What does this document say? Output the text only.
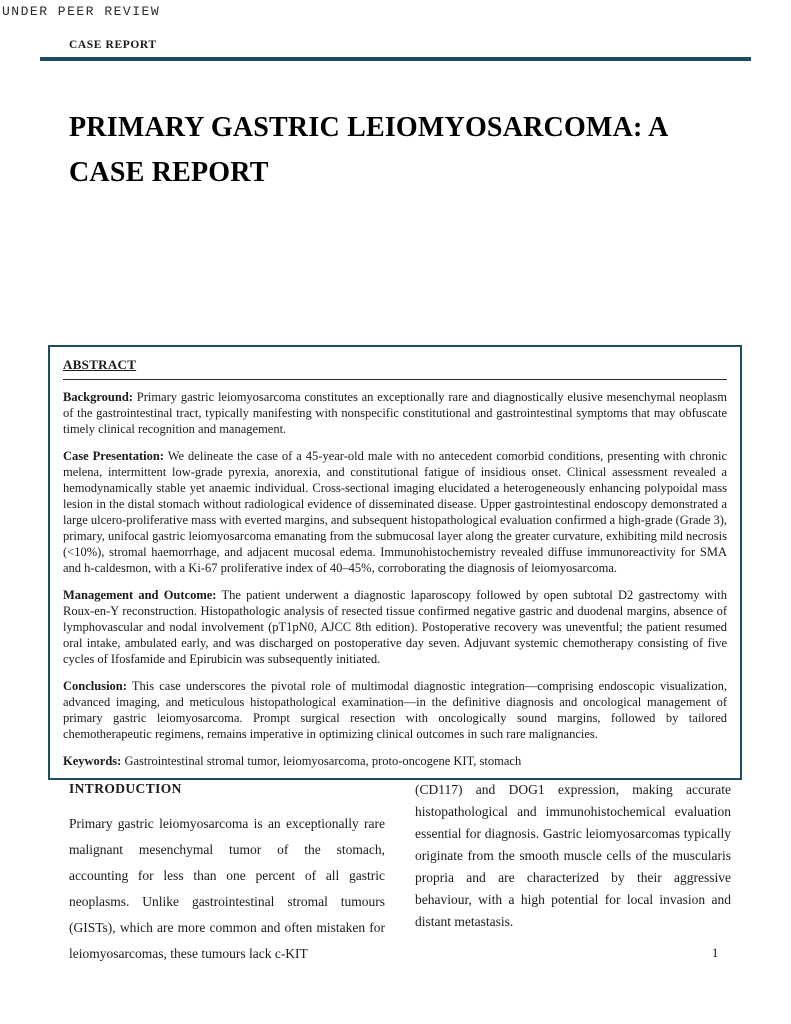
UNDER PEER REVIEW
CASE REPORT
PRIMARY GASTRIC LEIOMYOSARCOMA: A CASE REPORT
ABSTRACT

Background: Primary gastric leiomyosarcoma constitutes an exceptionally rare and diagnostically elusive mesenchymal neoplasm of the gastrointestinal tract, typically manifesting with nonspecific constitutional and gastrointestinal symptoms that may obfuscate timely clinical recognition and management.

Case Presentation: We delineate the case of a 45-year-old male with no antecedent comorbid conditions, presenting with chronic melena, intermittent low-grade pyrexia, anorexia, and constitutional fatigue of insidious onset. Clinical assessment revealed a hemodynamically stable yet anaemic individual. Cross-sectional imaging elucidated a heterogeneously enhancing polypoidal mass lesion in the distal stomach without radiological evidence of disseminated disease. Upper gastrointestinal endoscopy demonstrated a large ulcero-proliferative mass with everted margins, and subsequent histopathological evaluation confirmed a high-grade (Grade 3), primary, unifocal gastric leiomyosarcoma emanating from the submucosal layer along the greater curvature, exhibiting mild necrosis (<10%), stromal haemorrhage, and adjacent mucosal edema. Immunohistochemistry revealed diffuse immunoreactivity for SMA and h-caldesmon, with a Ki-67 proliferative index of 40–45%, corroborating the diagnosis of leiomyosarcoma.

Management and Outcome: The patient underwent a diagnostic laparoscopy followed by open subtotal D2 gastrectomy with Roux-en-Y reconstruction. Histopathologic analysis of resected tissue confirmed negative gastric and duodenal margins, absence of lymphovascular and nodal involvement (pT1pN0, AJCC 8th edition). Postoperative recovery was uneventful; the patient resumed oral intake, ambulated early, and was discharged on postoperative day seven. Adjuvant systemic chemotherapy consisting of five cycles of Ifosfamide and Epirubicin was subsequently initiated.

Conclusion: This case underscores the pivotal role of multimodal diagnostic integration—comprising endoscopic visualization, advanced imaging, and meticulous histopathological examination—in the definitive diagnosis and oncological management of primary gastric leiomyosarcoma. Prompt surgical resection with oncologically sound margins, followed by tailored chemotherapeutic regimens, remains imperative in optimizing clinical outcomes in such rare malignancies.

Keywords: Gastrointestinal stromal tumor, leiomyosarcoma, proto-oncogene KIT, stomach

INTRODUCTION
Primary gastric leiomyosarcoma is an exceptionally rare malignant mesenchymal tumor of the stomach, accounting for less than one percent of all gastric neoplasms. Unlike gastrointestinal stromal tumours (GISTs), which are more common and often mistaken for leiomyosarcomas, these tumours lack c-KIT
(CD117) and DOG1 expression, making accurate histopathological and immunohistochemical evaluation essential for diagnosis. Gastric leiomyosarcomas typically originate from the smooth muscle cells of the muscularis propria and are characterized by their aggressive behaviour, with a high potential for local invasion and distant metastasis.
1
